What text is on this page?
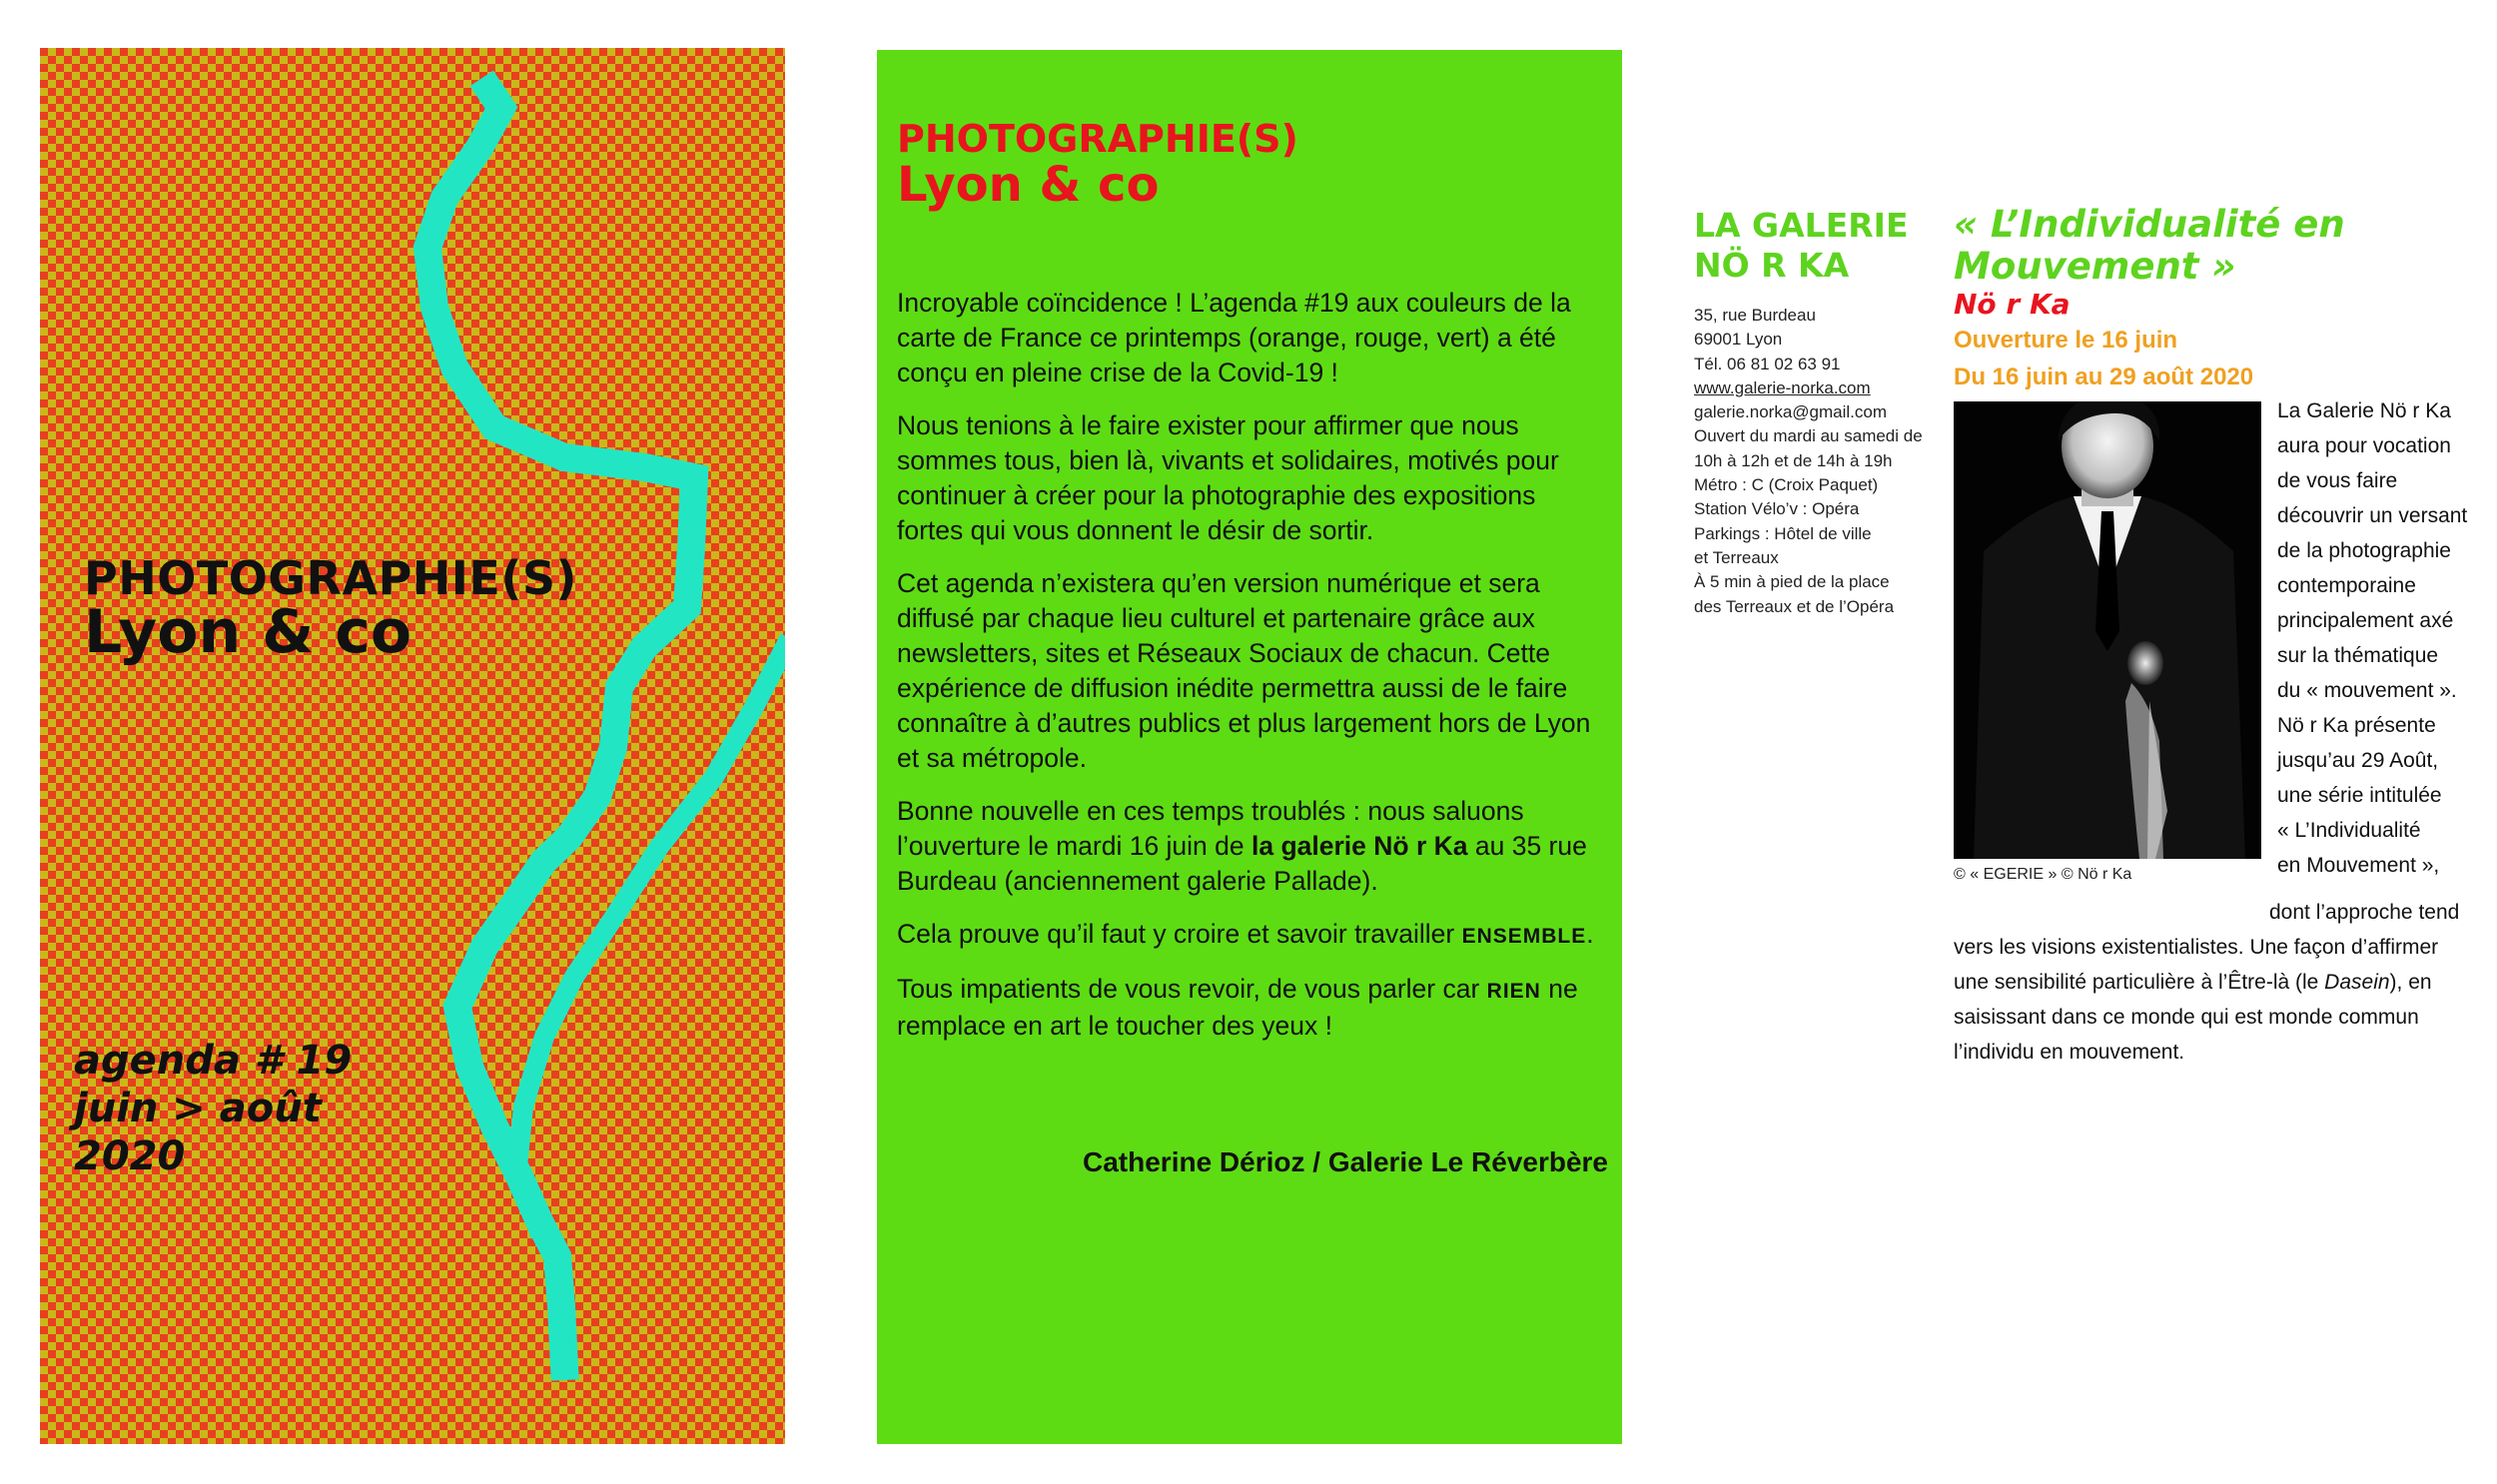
PHOTOGRAPHIE(S)
Lyon & co
agenda # 19
juin > août
2020
PHOTOGRAPHIE(S)
Lyon & co

Incroyable coïncidence ! L’agenda #19 aux couleurs de la carte de France ce printemps (orange, rouge, vert) a été conçu en pleine crise de la Covid-19 !

Nous tenions à le faire exister pour affirmer que nous sommes tous, bien là, vivants et solidaires, motivés pour continuer à créer pour la photographie des expositions fortes qui vous donnent le désir de sortir.

Cet agenda n’existera qu’en version numérique et sera diffusé par chaque lieu culturel et partenaire grâce aux newsletters, sites et Réseaux Sociaux de chacun. Cette expérience de diffusion inédite permettra aussi de le faire connaître à d’autres publics et plus largement hors de Lyon et sa métropole.

Bonne nouvelle en ces temps troublés : nous saluons l’ouverture le mardi 16 juin de la galerie Nö r Ka au 35 rue Burdeau (anciennement galerie Pallade).

Cela prouve qu’il faut y croire et savoir travailler ENSEMBLE.

Tous impatients de vous revoir, de vous parler car RIEN ne remplace en art le toucher des yeux !

Catherine Dérioz / Galerie Le Réverbère
LA GALERIE
NÖ R KA
35, rue Burdeau
69001 Lyon
Tél. 06 81 02 63 91
www.galerie-norka.com
galerie.norka@gmail.com
Ouvert du mardi au samedi de
10h à 12h et de 14h à 19h
Métro : C (Croix Paquet)
Station Vélo’v : Opéra
Parkings : Hôtel de ville
et Terreaux
À 5 min à pied de la place
des Terreaux et de l’Opéra
« L’Individualité en
Mouvement »
Nö r Ka
Ouverture le 16 juin
Du 16 juin au 29 août 2020
© « EGERIE » © Nö r Ka
La Galerie Nö r Ka
aura pour vocation
de vous faire
découvrir un versant
de la photographie
contemporaine
principalement axé
sur la thématique
du « mouvement ».
Nö r Ka présente
jusqu’au 29 Août,
une série intitulée
« L’Individualité
en Mouvement »,
dont l’approche tend
vers les visions existentialistes. Une façon d’affirmer
une sensibilité particulière à l’Être-là (le Dasein), en
saisissant dans ce monde qui est monde commun
l’individu en mouvement.
